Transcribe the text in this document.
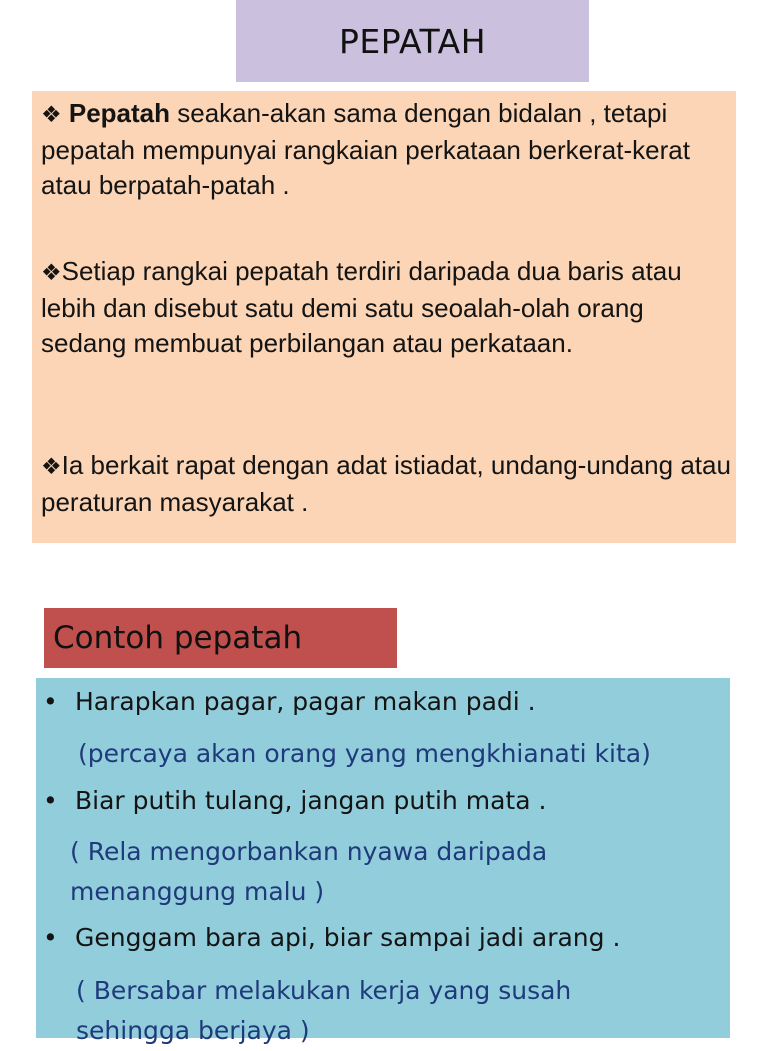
PEPATAH

❖ Pepatah seakan-akan sama dengan bidalan , tetapi pepatah mempunyai rangkaian perkataan berkerat-kerat atau berpatah-patah .

❖Setiap rangkai pepatah terdiri daripada dua baris atau lebih dan disebut satu demi satu seoalah-olah orang sedang membuat perbilangan atau perkataan.

❖Ia berkait rapat dengan adat istiadat, undang-undang atau peraturan masyarakat .

Contoh pepatah
• Harapkan pagar, pagar makan padi .
(percaya akan orang yang mengkhianati kita)
• Biar putih tulang, jangan putih mata .
( Rela mengorbankan nyawa daripada
menanggung malu )
• Genggam bara api, biar sampai jadi arang .
( Bersabar melakukan kerja yang susah
sehingga berjaya )
